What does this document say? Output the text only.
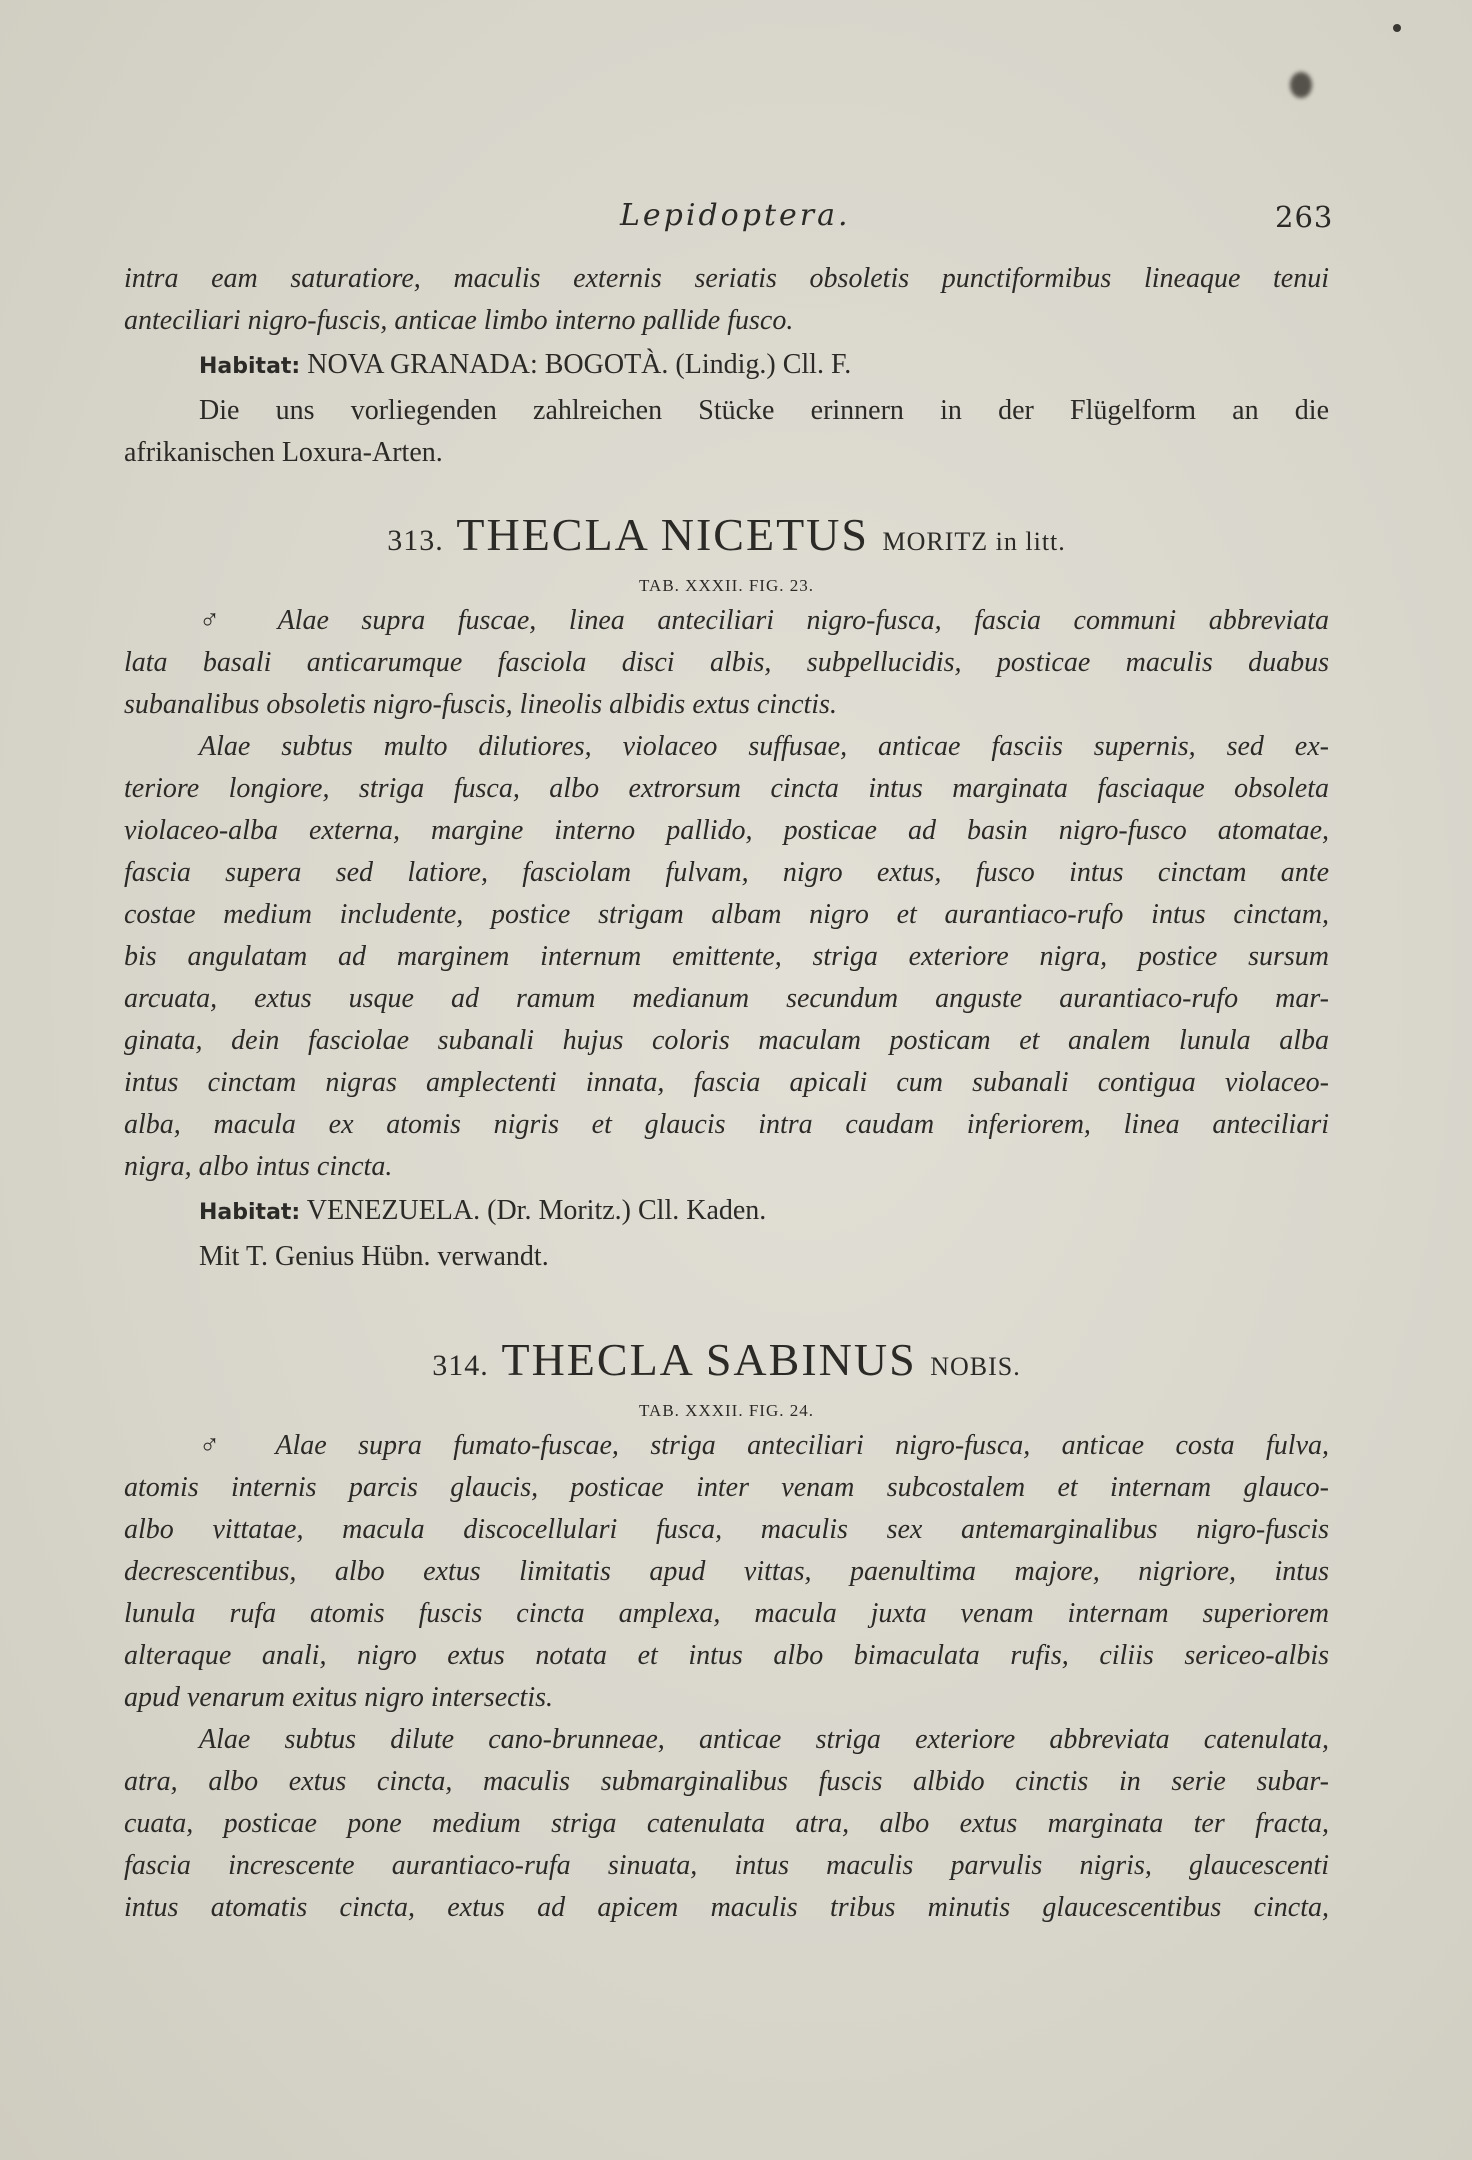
Lepidoptera.	263
intra eam saturatiore, maculis externis seriatis obsoletis punctiformibus lineaque tenui
anteciliari nigro-fuscis, anticae limbo interno pallide fusco.
Habitat: NOVA GRANADA: BOGOTÀ. (Lindig.) Cll. F.
Die uns vorliegenden zahlreichen Stücke erinnern in der Flügelform an die
afrikanischen Loxura-Arten.
313. THECLA NICETUS MORITZ in litt.
TAB. XXXII. FIG. 23.
♂ Alae supra fuscae, linea anteciliari nigro-fusca, fascia communi abbreviata
lata basali anticarumque fasciola disci albis, subpellucidis, posticae maculis duabus
subanalibus obsoletis nigro-fuscis, lineolis albidis extus cinctis.
Alae subtus multo dilutiores, violaceo suffusae, anticae fasciis supernis, sed ex-
teriore longiore, striga fusca, albo extrorsum cincta intus marginata fasciaque obsoleta
violaceo-alba externa, margine interno pallido, posticae ad basin nigro-fusco atomatae,
fascia supera sed latiore, fasciolam fulvam, nigro extus, fusco intus cinctam ante
costae medium includente, postice strigam albam nigro et aurantiaco-rufo intus cinctam,
bis angulatam ad marginem internum emittente, striga exteriore nigra, postice sursum
arcuata, extus usque ad ramum medianum secundum anguste aurantiaco-rufo mar-
ginata, dein fasciolae subanali hujus coloris maculam posticam et analem lunula alba
intus cinctam nigras amplectenti innata, fascia apicali cum subanali contigua violaceo-
alba, macula ex atomis nigris et glaucis intra caudam inferiorem, linea anteciliari
nigra, albo intus cincta.
Habitat: VENEZUELA. (Dr. Moritz.) Cll. Kaden.
Mit T. Genius Hübn. verwandt.
314. THECLA SABINUS NOBIS.
TAB. XXXII. FIG. 24.
♂ Alae supra fumato-fuscae, striga anteciliari nigro-fusca, anticae costa fulva,
atomis internis parcis glaucis, posticae inter venam subcostalem et internam glauco-
albo vittatae, macula discocellulari fusca, maculis sex antemarginalibus nigro-fuscis
decrescentibus, albo extus limitatis apud vittas, paenultima majore, nigriore, intus
lunula rufa atomis fuscis cincta amplexa, macula juxta venam internam superiorem
alteraque anali, nigro extus notata et intus albo bimaculata rufis, ciliis sericeo-albis
apud venarum exitus nigro intersectis.
Alae subtus dilute cano-brunneae, anticae striga exteriore abbreviata catenulata,
atra, albo extus cincta, maculis submarginalibus fuscis albido cinctis in serie subar-
cuata, posticae pone medium striga catenulata atra, albo extus marginata ter fracta,
fascia increscente aurantiaco-rufa sinuata, intus maculis parvulis nigris, glaucescenti
intus atomatis cincta, extus ad apicem maculis tribus minutis glaucescentibus cincta,
